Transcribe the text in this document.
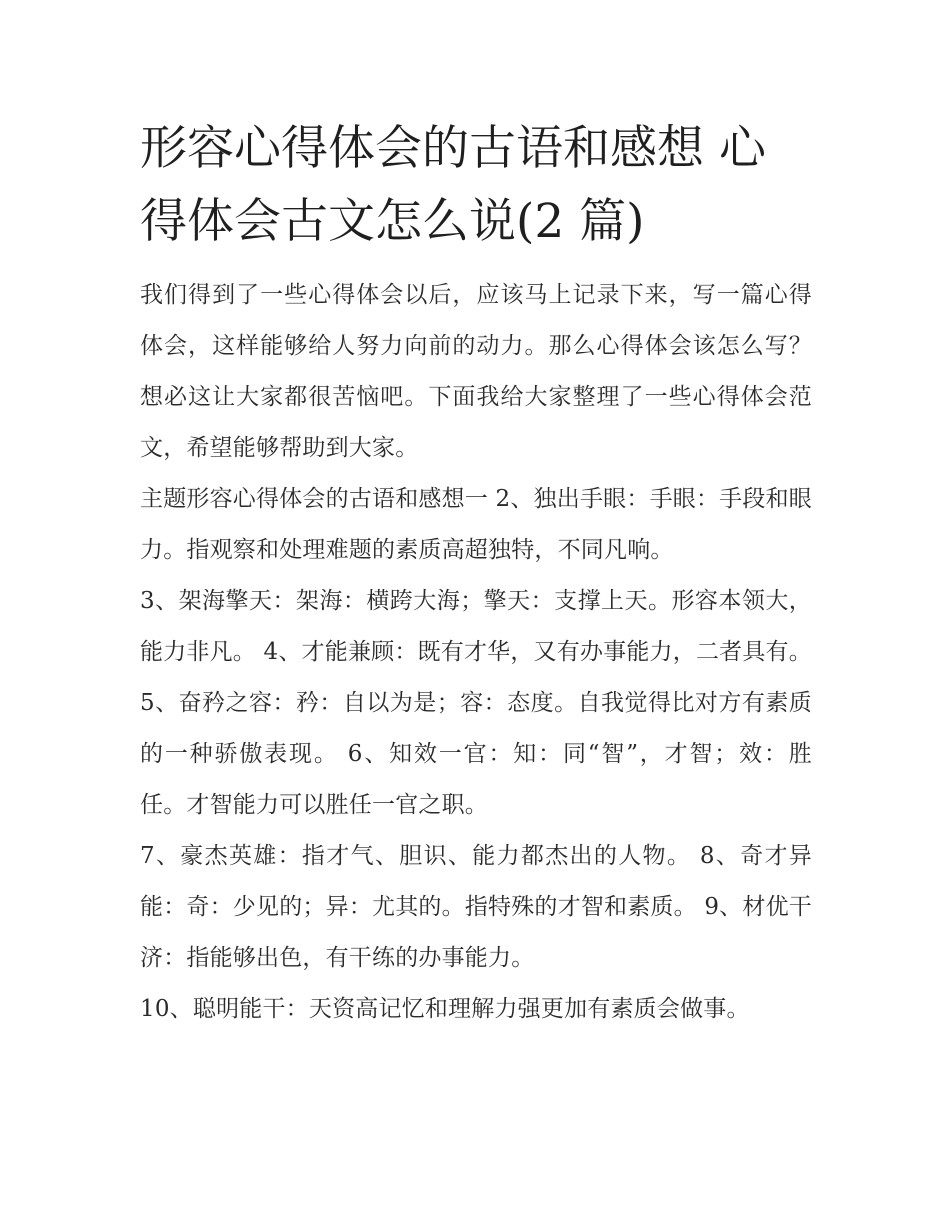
形容心得体会的古语和感想 心得体会古文怎么说(2 篇)

我们得到了一些心得体会以后，应该马上记录下来，写一篇心得体会，这样能够给人努力向前的动力。那么心得体会该怎么写？想必这让大家都很苦恼吧。下面我给大家整理了一些心得体会范文，希望能够帮助到大家。

主题形容心得体会的古语和感想一 2、独出手眼：手眼：手段和眼力。指观察和处理难题的素质高超独特，不同凡响。

3、架海擎天：架海：横跨大海；擎天：支撑上天。形容本领大，能力非凡。 4、才能兼顾：既有才华，又有办事能力，二者具有。

5、奋矜之容：矜：自以为是；容：态度。自我觉得比对方有素质的一种骄傲表现。 6、知效一官：知：同“智”，才智；效：胜任。才智能力可以胜任一官之职。

7、豪杰英雄：指才气、胆识、能力都杰出的人物。 8、奇才异能：奇：少见的；异：尤其的。指特殊的才智和素质。 9、材优干济：指能够出色，有干练的办事能力。

10、聪明能干：天资高记忆和理解力强更加有素质会做事。
